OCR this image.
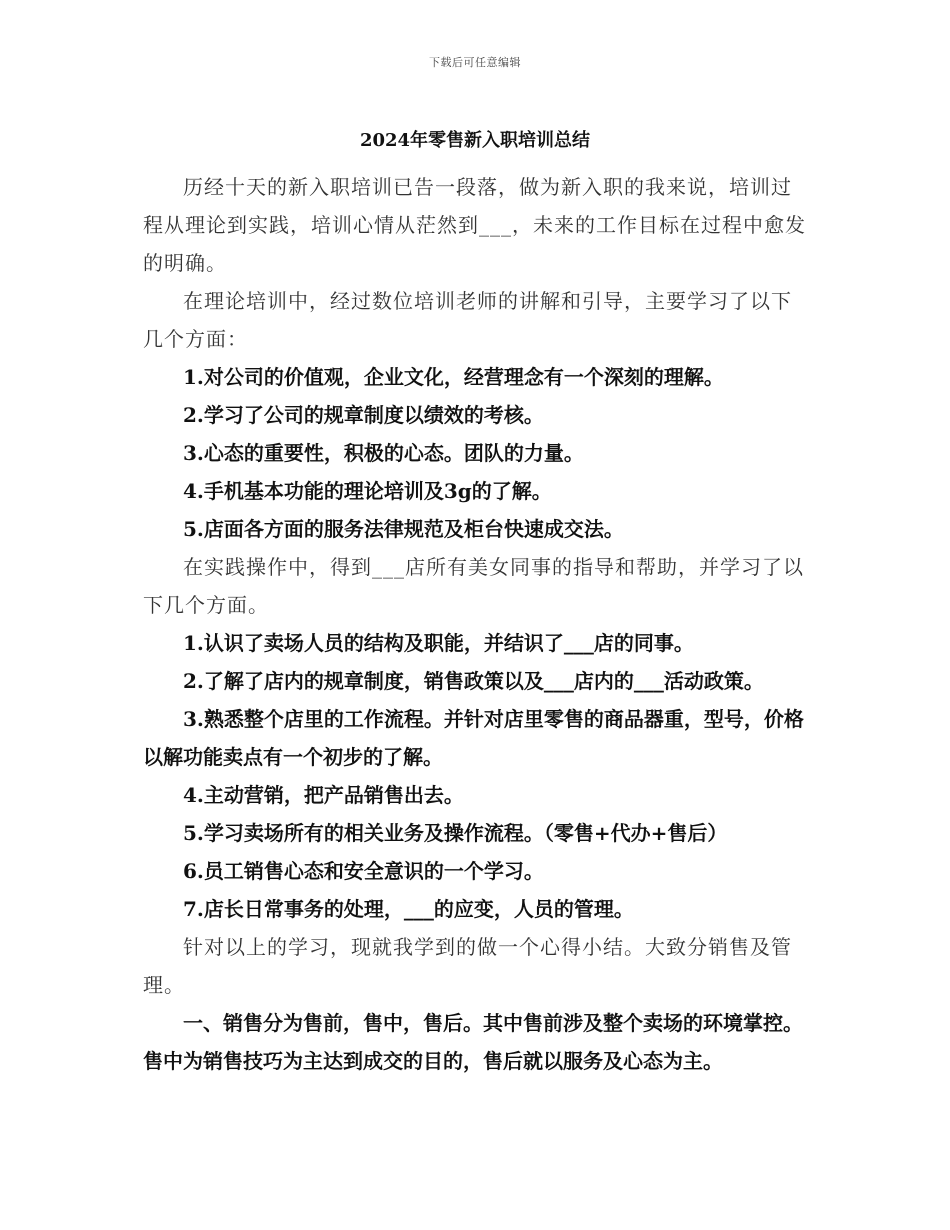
下载后可任意编辑
2024年零售新入职培训总结

历经十天的新入职培训已告一段落，做为新入职的我来说，培训过程从理论到实践，培训心情从茫然到___，未来的工作目标在过程中愈发的明确。

在理论培训中，经过数位培训老师的讲解和引导，主要学习了以下几个方面：

1.对公司的价值观，企业文化，经营理念有一个深刻的理解。

2.学习了公司的规章制度以绩效的考核。

3.心态的重要性，积极的心态。团队的力量。

4.手机基本功能的理论培训及3g的了解。

5.店面各方面的服务法律规范及柜台快速成交法。

在实践操作中，得到___店所有美女同事的指导和帮助，并学习了以下几个方面。

1.认识了卖场人员的结构及职能，并结识了___店的同事。

2.了解了店内的规章制度，销售政策以及___店内的___活动政策。

3.熟悉整个店里的工作流程。并针对店里零售的商品器重，型号，价格以解功能卖点有一个初步的了解。

4.主动营销，把产品销售出去。

5.学习卖场所有的相关业务及操作流程。（零售+代办+售后）

6.员工销售心态和安全意识的一个学习。

7.店长日常事务的处理，___的应变，人员的管理。

针对以上的学习，现就我学到的做一个心得小结。大致分销售及管理。

一、销售分为售前，售中，售后。其中售前涉及整个卖场的环境掌控。售中为销售技巧为主达到成交的目的，售后就以服务及心态为主。
